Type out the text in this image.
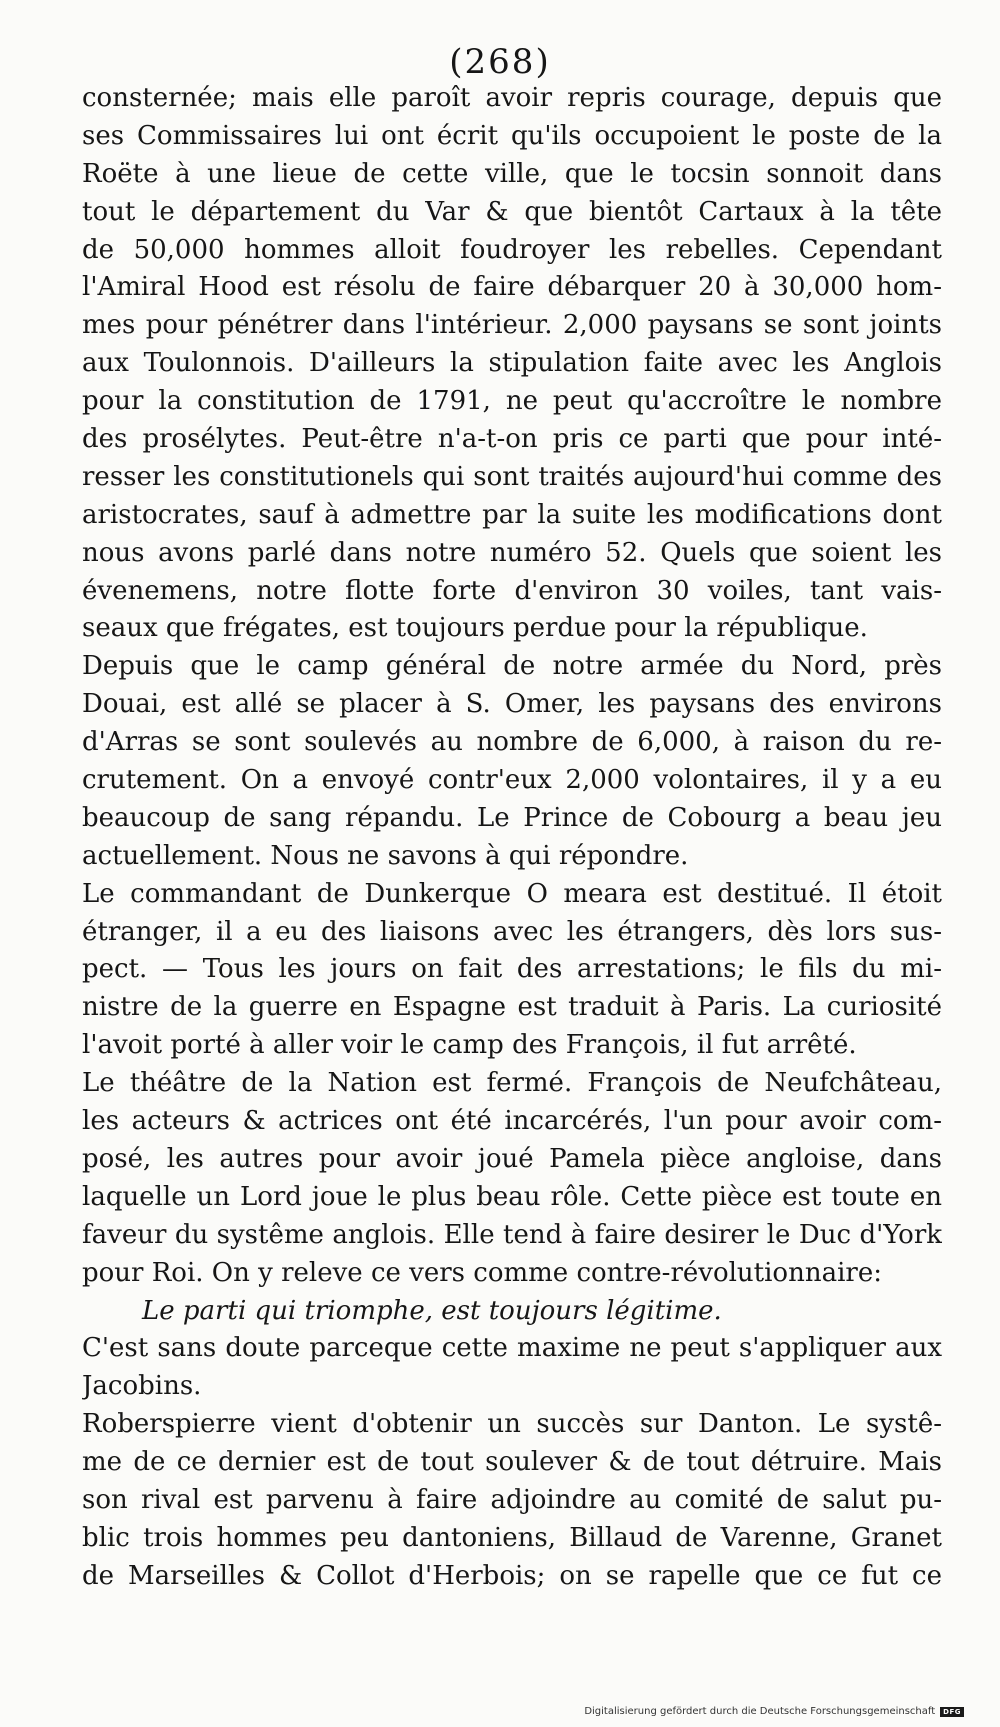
(268)
consternée; mais elle paroît avoir repris courage, depuis que
ses Commissaires lui ont écrit qu'ils occupoient le poste de la
Roëte à une lieue de cette ville, que le tocsin sonnoit dans
tout le département du Var & que bientôt Cartaux à la tête
de 50,000 hommes alloit foudroyer les rebelles. Cependant
l'Amiral Hood est résolu de faire débarquer 20 à 30,000 hom-
mes pour pénétrer dans l'intérieur. 2,000 paysans se sont joints
aux Toulonnois. D'ailleurs la stipulation faite avec les Anglois
pour la constitution de 1791, ne peut qu'accroître le nombre
des prosélytes. Peut-être n'a-t-on pris ce parti que pour inté-
resser les constitutionels qui sont traités aujourd'hui comme des
aristocrates, sauf à admettre par la suite les modifications dont
nous avons parlé dans notre numéro 52. Quels que soient les
évenemens, notre flotte forte d'environ 30 voiles, tant vais-
seaux que frégates, est toujours perdue pour la république.
Depuis que le camp général de notre armée du Nord, près
Douai, est allé se placer à S. Omer, les paysans des environs
d'Arras se sont soulevés au nombre de 6,000, à raison du re-
crutement. On a envoyé contr'eux 2,000 volontaires, il y a eu
beaucoup de sang répandu. Le Prince de Cobourg a beau jeu
actuellement. Nous ne savons à qui répondre.
Le commandant de Dunkerque O meara est destitué. Il étoit
étranger, il a eu des liaisons avec les étrangers, dès lors sus-
pect. — Tous les jours on fait des arrestations; le fils du mi-
nistre de la guerre en Espagne est traduit à Paris. La curiosité
l'avoit porté à aller voir le camp des François, il fut arrêté.
Le théâtre de la Nation est fermé. François de Neufchâteau,
les acteurs & actrices ont été incarcérés, l'un pour avoir com-
posé, les autres pour avoir joué Pamela pièce angloise, dans
laquelle un Lord joue le plus beau rôle. Cette pièce est toute en
faveur du systême anglois. Elle tend à faire desirer le Duc d'York
pour Roi. On y releve ce vers comme contre-révolutionnaire:
Le parti qui triomphe, est toujours légitime.
C'est sans doute parceque cette maxime ne peut s'appliquer aux
Jacobins.
Roberspierre vient d'obtenir un succès sur Danton. Le systê-
me de ce dernier est de tout soulever & de tout détruire. Mais
son rival est parvenu à faire adjoindre au comité de salut pu-
blic trois hommes peu dantoniens, Billaud de Varenne, Granet
de Marseilles & Collot d'Herbois; on se rapelle que ce fut ce
Digitalisierung gefördert durch die Deutsche Forschungsgemeinschaft	DFG
